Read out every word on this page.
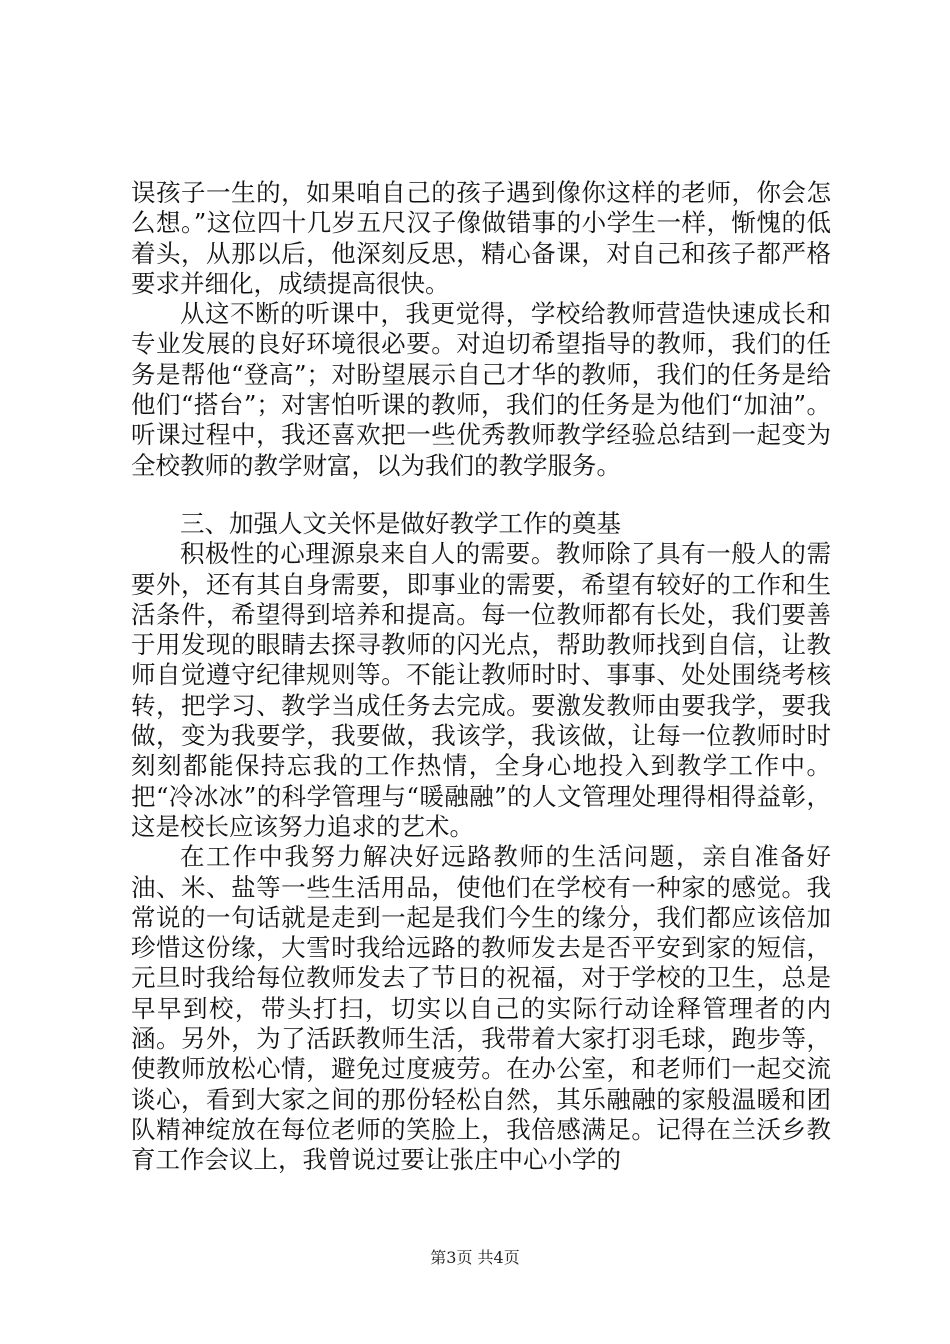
误孩子一生的，如果咱自己的孩子遇到像你这样的老师，你会怎么想。”这位四十几岁五尺汉子像做错事的小学生一样，惭愧的低着头，从那以后，他深刻反思，精心备课，对自己和孩子都严格要求并细化，成绩提高很快。

从这不断的听课中，我更觉得，学校给教师营造快速成长和专业发展的良好环境很必要。对迫切希望指导的教师，我们的任务是帮他“登高”；对盼望展示自己才华的教师，我们的任务是给他们“搭台”；对害怕听课的教师，我们的任务是为他们“加油”。听课过程中，我还喜欢把一些优秀教师教学经验总结到一起变为全校教师的教学财富，以为我们的教学服务。

三、加强人文关怀是做好教学工作的奠基

积极性的心理源泉来自人的需要。教师除了具有一般人的需要外，还有其自身需要，即事业的需要，希望有较好的工作和生活条件，希望得到培养和提高。每一位教师都有长处，我们要善于用发现的眼睛去探寻教师的闪光点，帮助教师找到自信，让教师自觉遵守纪律规则等。不能让教师时时、事事、处处围绕考核转，把学习、教学当成任务去完成。要激发教师由要我学，要我做，变为我要学，我要做，我该学，我该做，让每一位教师时时刻刻都能保持忘我的工作热情，全身心地投入到教学工作中。把“冷冰冰”的科学管理与“暖融融”的人文管理处理得相得益彰，这是校长应该努力追求的艺术。

在工作中我努力解决好远路教师的生活问题，亲自准备好油、米、盐等一些生活用品，使他们在学校有一种家的感觉。我常说的一句话就是走到一起是我们今生的缘分，我们都应该倍加珍惜这份缘，大雪时我给远路的教师发去是否平安到家的短信，元旦时我给每位教师发去了节日的祝福，对于学校的卫生，总是早早到校，带头打扫，切实以自己的实际行动诠释管理者的内涵。另外，为了活跃教师生活，我带着大家打羽毛球，跑步等，使教师放松心情，避免过度疲劳。在办公室，和老师们一起交流谈心，看到大家之间的那份轻松自然，其乐融融的家般温暖和团队精神绽放在每位老师的笑脸上，我倍感满足。记得在兰沃乡教育工作会议上，我曾说过要让张庄中心小学的

第3页 共4页
